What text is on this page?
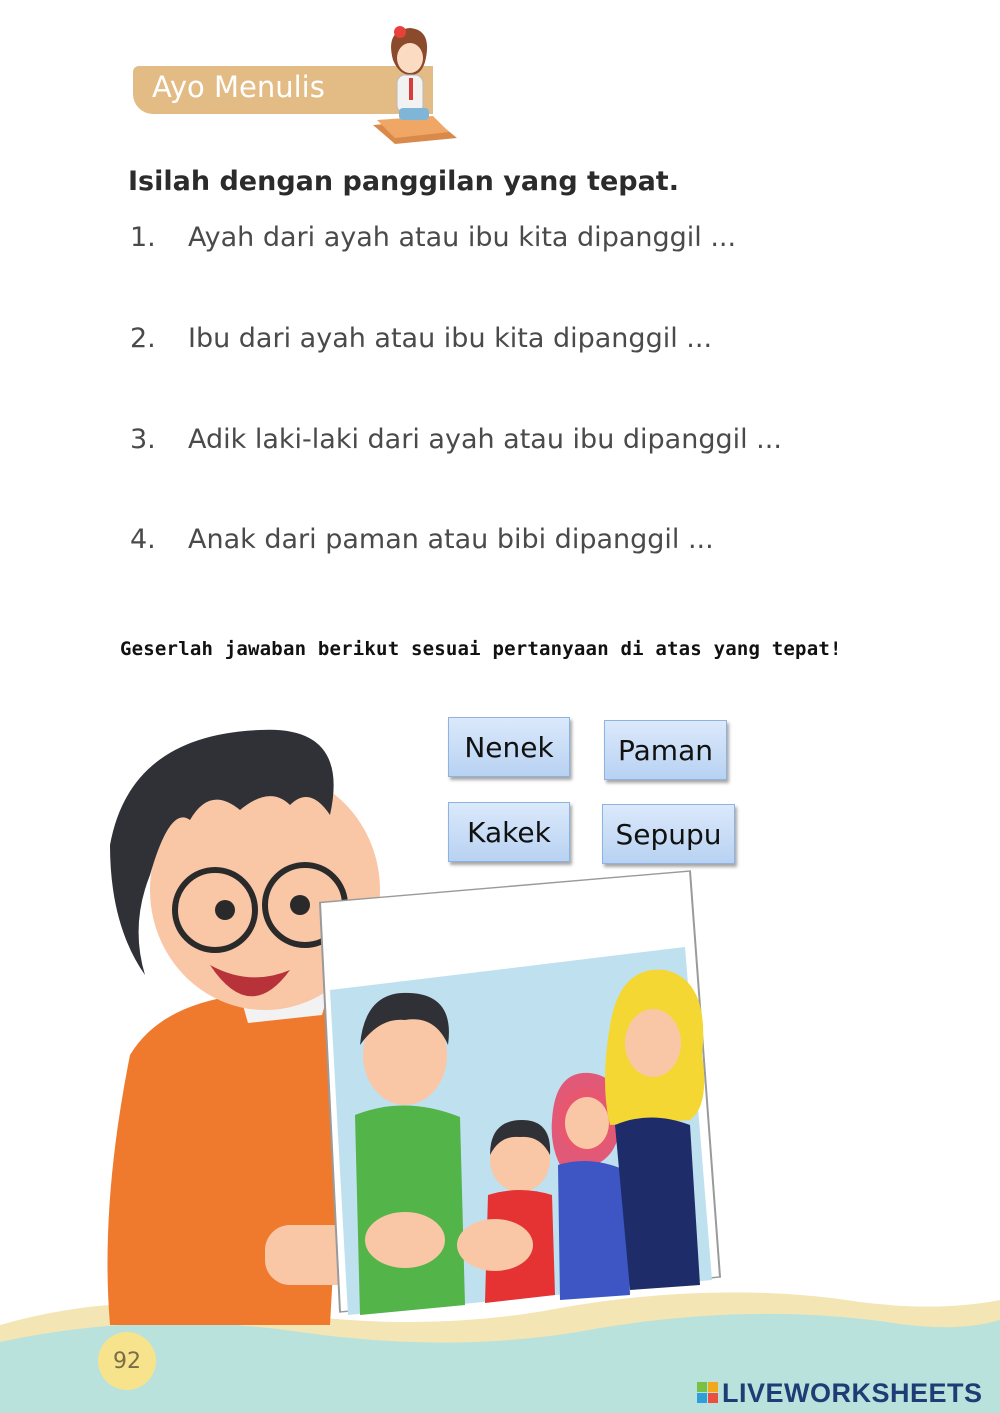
Ayo Menulis
Isilah dengan panggilan yang tepat.
1. Ayah dari ayah atau ibu kita dipanggil ...
2. Ibu dari ayah atau ibu kita dipanggil ...
3. Adik laki-laki dari ayah atau ibu dipanggil ...
4. Anak dari paman atau bibi dipanggil ...
Geserlah jawaban berikut sesuai pertanyaan di atas yang tepat!
Nenek	Paman
Kakek	Sepupu
92
LIVEWORKSHEETS
